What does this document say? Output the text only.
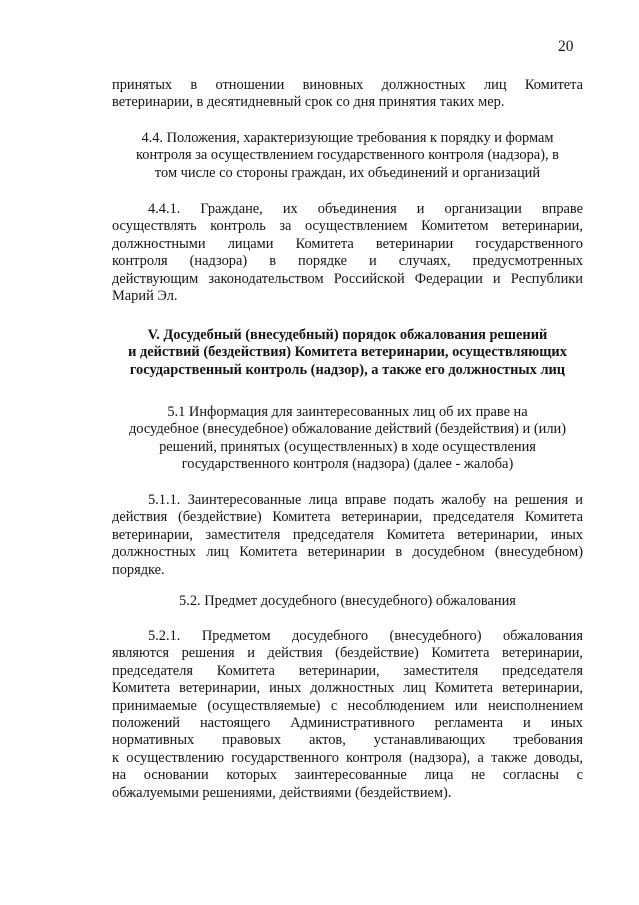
20
принятых в отношении виновных должностных лиц Комитета
ветеринарии, в десятидневный срок со дня принятия таких мер.
4.4. Положения, характеризующие требования к порядку и формам
контроля за осуществлением государственного контроля (надзора), в
том числе со стороны граждан, их объединений и организаций
4.4.1. Граждане, их объединения и организации вправе
осуществлять контроль за осуществлением Комитетом ветеринарии,
должностными лицами Комитета ветеринарии государственного
контроля (надзора) в порядке и случаях, предусмотренных
действующим законодательством Российской Федерации и Республики
Марий Эл.
V. Досудебный (внесудебный) порядок обжалования решений
и действий (бездействия) Комитета ветеринарии, осуществляющих
государственный контроль (надзор), а также его должностных лиц
5.1 Информация для заинтересованных лиц об их праве на
досудебное (внесудебное) обжалование действий (бездействия) и (или)
решений, принятых (осуществленных) в ходе осуществления
государственного контроля (надзора) (далее - жалоба)
5.1.1. Заинтересованные лица вправе подать жалобу на решения и
действия (бездействие) Комитета ветеринарии, председателя Комитета
ветеринарии, заместителя председателя Комитета ветеринарии, иных
должностных лиц Комитета ветеринарии в досудебном (внесудебном)
порядке.
5.2. Предмет досудебного (внесудебного) обжалования
5.2.1. Предметом досудебного (внесудебного) обжалования
являются решения и действия (бездействие) Комитета ветеринарии,
председателя Комитета ветеринарии, заместителя председателя
Комитета ветеринарии, иных должностных лиц Комитета ветеринарии,
принимаемые (осуществляемые) с несоблюдением или неисполнением
положений настоящего Административного регламента и иных
нормативных правовых актов, устанавливающих требования
к осуществлению государственного контроля (надзора), а также доводы,
на основании которых заинтересованные лица не согласны с
обжалуемыми решениями, действиями (бездействием).
